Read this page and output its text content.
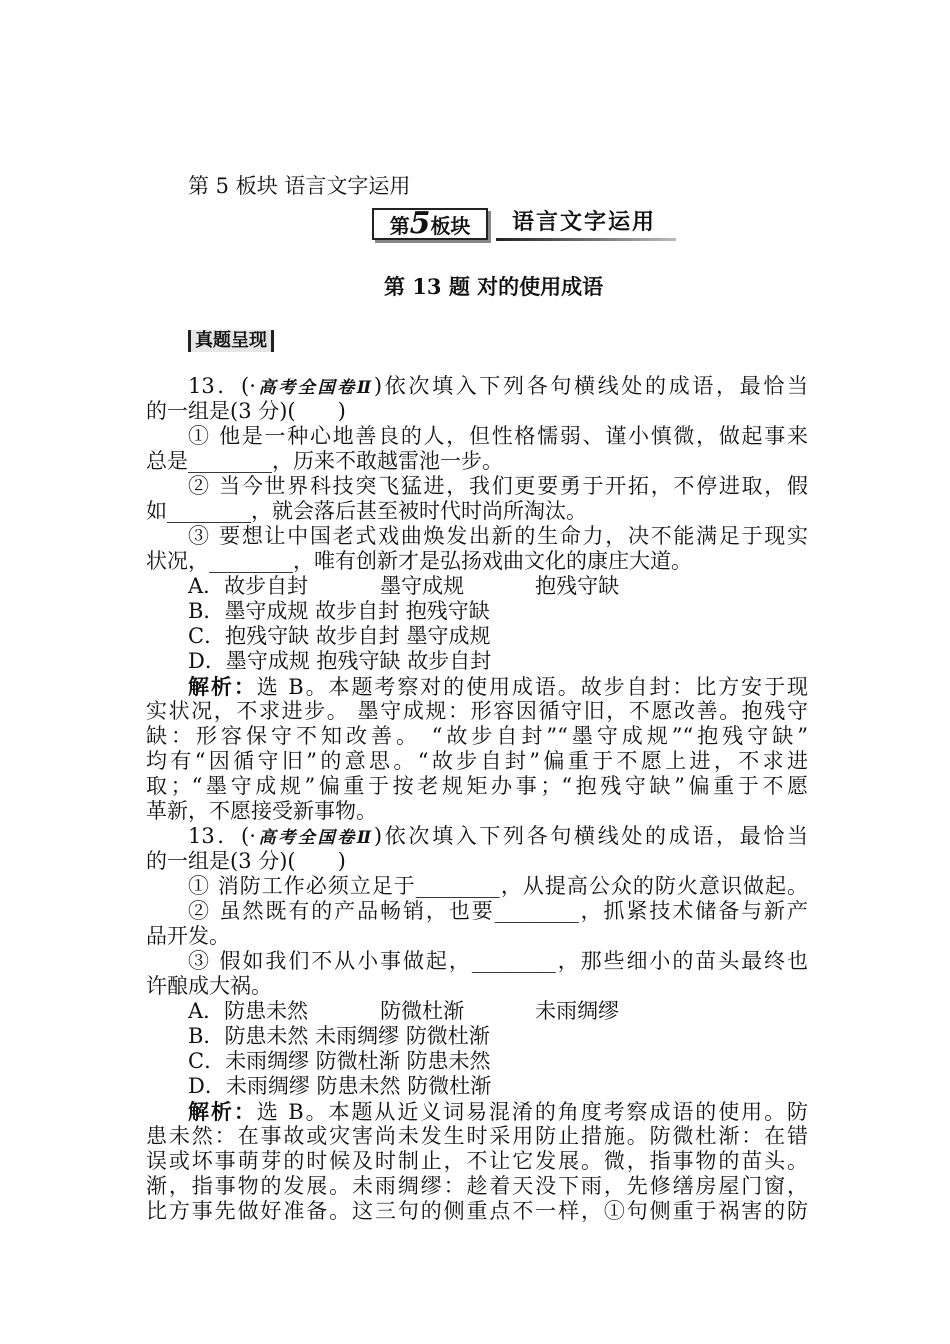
第 5 板块 语言文字运用
第5板块	语言文字运用
第 13 题 对的使用成语
真题呈现
13．(·高考全国卷Ⅱ)依次填入下列各句横线处的成语，最恰当
的一组是(3 分)(　　)
① 他是一种心地善良的人，但性格懦弱、谨小慎微，做起事来
总是________，历来不敢越雷池一步。
② 当今世界科技突飞猛进，我们更要勇于开拓，不停进取，假
如________，就会落后甚至被时代时尚所淘汰。
③ 要想让中国老式戏曲焕发出新的生命力，决不能满足于现实
状况，________，唯有创新才是弘扬戏曲文化的康庄大道。
A．故步自封	墨守成规	抱残守缺
B．墨守成规 故步自封 抱残守缺
C．抱残守缺 故步自封 墨守成规
D．墨守成规 抱残守缺 故步自封
解析：选 B。本题考察对的使用成语。故步自封：比方安于现
实状况，不求进步。 墨守成规：形容因循守旧，不愿改善。抱残守
缺：形容保守不知改善。 “故步自封”“墨守成规”“抱残守缺”
均有“因循守旧”的意思。“故步自封”偏重于不愿上进，不求进
取；“墨守成规”偏重于按老规矩办事；“抱残守缺”偏重于不愿
革新，不愿接受新事物。
13．(·高考全国卷Ⅱ)依次填入下列各句横线处的成语，最恰当
的一组是(3 分)(　　)
① 消防工作必须立足于________，从提高公众的防火意识做起。
② 虽然既有的产品畅销，也要________，抓紧技术储备与新产
品开发。
③ 假如我们不从小事做起，________，那些细小的苗头最终也
许酿成大祸。
A．防患未然	防微杜渐	未雨绸缪
B．防患未然 未雨绸缪 防微杜渐
C．未雨绸缪 防微杜渐 防患未然
D．未雨绸缪 防患未然 防微杜渐
解析：选 B。本题从近义词易混淆的角度考察成语的使用。防
患未然：在事故或灾害尚未发生时采用防止措施。防微杜渐：在错
误或坏事萌芽的时候及时制止，不让它发展。微，指事物的苗头。
渐，指事物的发展。未雨绸缪：趁着天没下雨，先修缮房屋门窗，
比方事先做好准备。这三句的侧重点不一样，①句侧重于祸害的防
